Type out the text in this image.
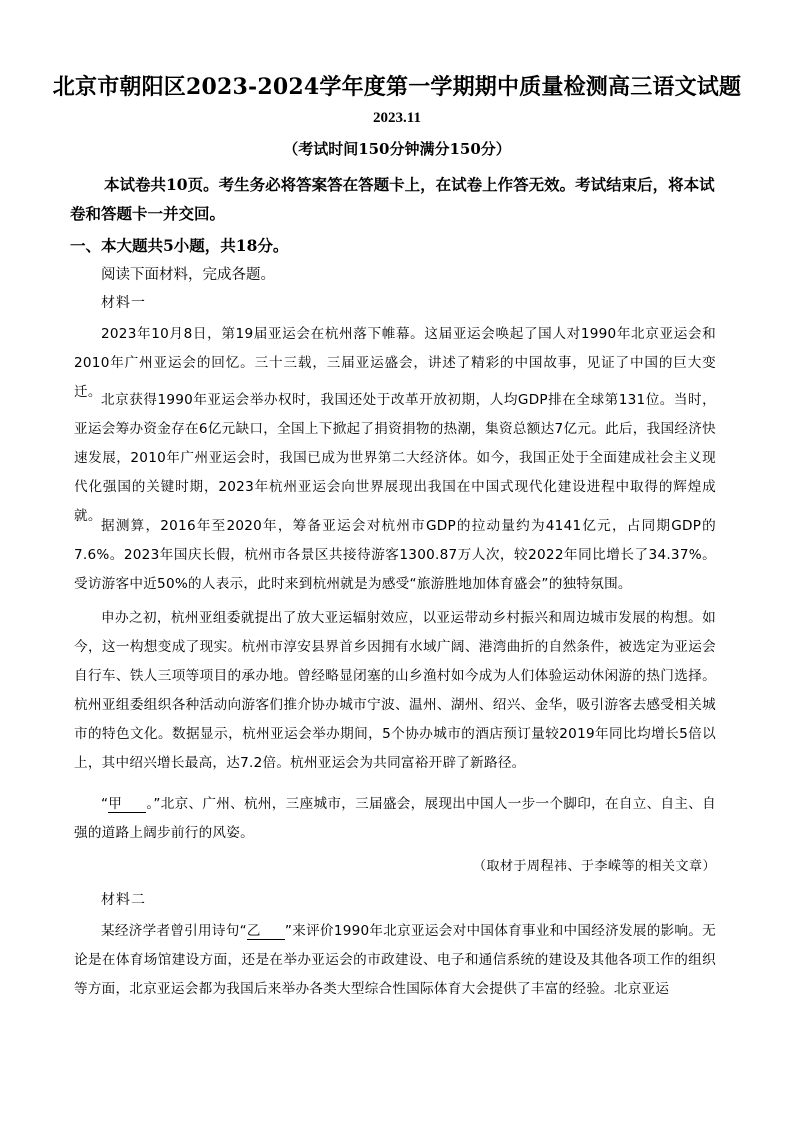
北京市朝阳区2023-2024学年度第一学期期中质量检测高三语文试题
2023.11
（考试时间150分钟满分150分）
本试卷共10页。考生务必将答案答在答题卡上，在试卷上作答无效。考试结束后，将本试卷和答题卡一并交回。
一、本大题共5小题，共18分。
阅读下面材料，完成各题。
材料一
2023年10月8日，第19届亚运会在杭州落下帷幕。这届亚运会唤起了国人对1990年北京亚运会和2010年广州亚运会的回忆。三十三载，三届亚运盛会，讲述了精彩的中国故事，见证了中国的巨大变迁。 北京获得1990年亚运会举办权时，我国还处于改革开放初期，人均GDP排在全球第131位。当时，亚运会筹办资金存在6亿元缺口，全国上下掀起了捐资捐物的热潮，集资总额达7亿元。此后，我国经济快速发展，2010年广州亚运会时，我国已成为世界第二大经济体。如今，我国正处于全面建成社会主义现代化强国的关键时期，2023年杭州亚运会向世界展现出我国在中国式现代化建设进程中取得的辉煌成就。
据测算，2016年至2020年，筹备亚运会对杭州市GDP的拉动量约为4141亿元，占同期GDP的7.6%。2023年国庆长假，杭州市各景区共接待游客1300.87万人次，较2022年同比增长了34.37%。受访游客中近50%的人表示，此时来到杭州就是为感受“旅游胜地加体育盛会”的独特氛围。
申办之初，杭州亚组委就提出了放大亚运辐射效应，以亚运带动乡村振兴和周边城市发展的构想。如今，这一构想变成了现实。杭州市淳安县界首乡因拥有水域广阔、港湾曲折的自然条件，被选定为亚运会自行车、铁人三项等项目的承办地。曾经略显闭塞的山乡渔村如今成为人们体验运动休闲游的热门选择。杭州亚组委组织各种活动向游客们推介协办城市宁波、温州、湖州、绍兴、金华，吸引游客去感受相关城市的特色文化。数据显示，杭州亚运会举办期间，5个协办城市的酒店预订量较2019年同比均增长5倍以上，其中绍兴增长最高，达7.2倍。杭州亚运会为共同富裕开辟了新路径。
“甲 。”北京、广州、杭州，三座城市，三届盛会，展现出中国人一步一个脚印，在自立、自主、自强的道路上阔步前行的风姿。
（取材于周程祎、于李嵘等的相关文章）
材料二
某经济学者曾引用诗句“乙 ”来评价1990年北京亚运会对中国体育事业和中国经济发展的影响。无论是在体育场馆建设方面，还是在举办亚运会的市政建设、电子和通信系统的建设及其他各项工作的组织等方面，北京亚运会都为我国后来举办各类大型综合性国际体育大会提供了丰富的经验。北京亚运
